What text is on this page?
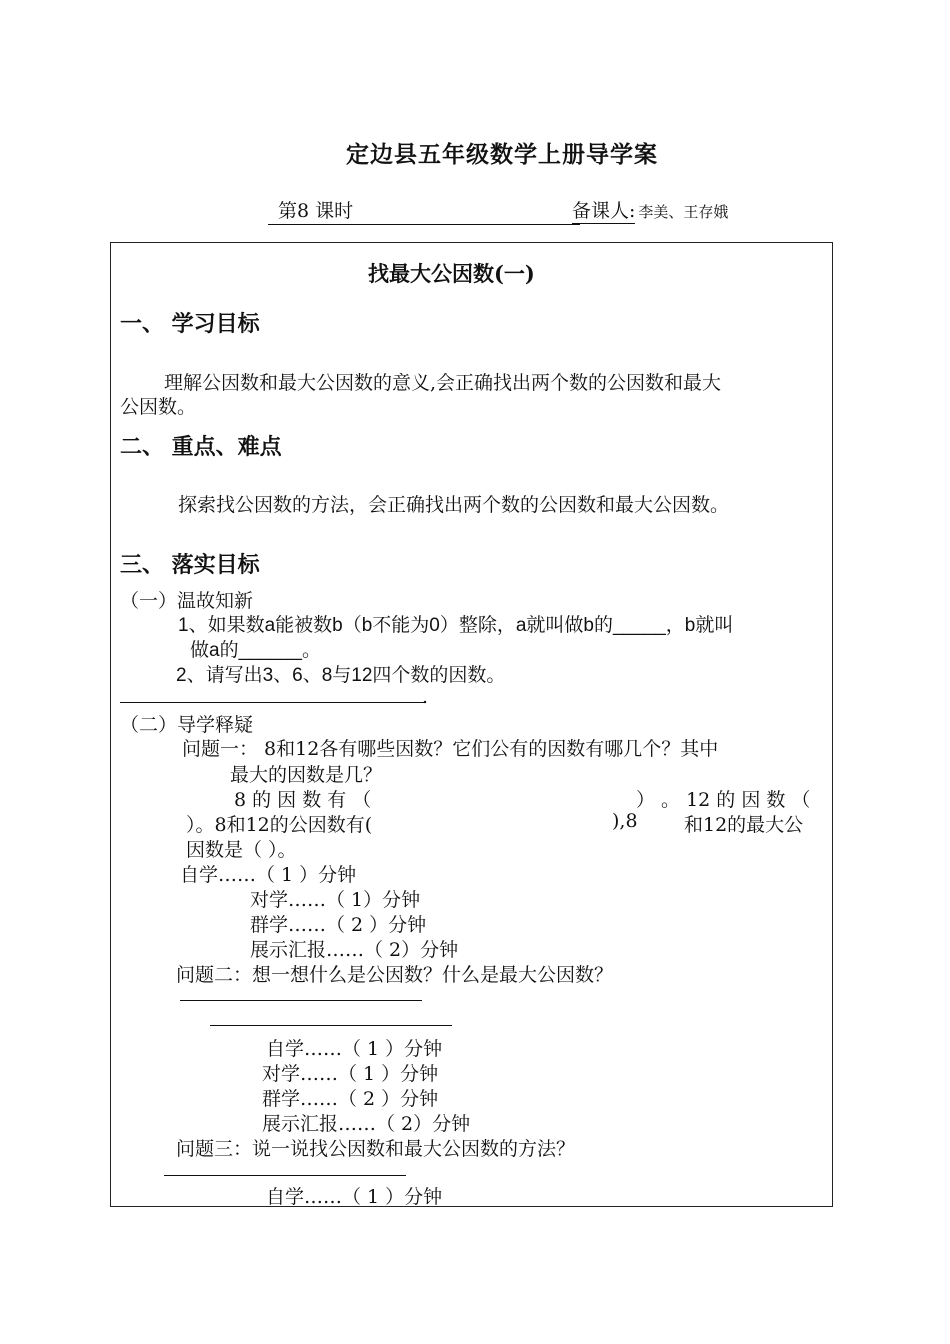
定边县五年级数学上册导学案
第8 课时	备课人: 李美、王存娥
找最大公因数(一)
一、 学习目标
理解公因数和最大公因数的意义,会正确找出两个数的公因数和最大
公因数。
二、 重点、难点
探索找公因数的方法，会正确找出两个数的公因数和最大公因数。
三、 落实目标
（一）温故知新
1、如果数a能被数b（b不能为0）整除，a就叫做b的_____，b就叫
做a的______。
2、请写出3、6、8与12四个数的因数。
.
（二）导学释疑
问题一： 8和12各有哪些因数？它们公有的因数有哪几个？其中
最大的因数是几？
8 的 因 数 有 （	） 。 12 的 因 数 （
）。8和12的公因数有(	),8 和12的最大公
因数是（ ）。
自学……（ 1 ）分钟
对学……（ 1）分钟
群学……（ 2 ）分钟
展示汇报……（ 2）分钟
问题二：想一想什么是公因数？什么是最大公因数？
自学……（ 1 ）分钟
对学……（ 1 ）分钟
群学……（ 2 ）分钟
展示汇报……（ 2）分钟
问题三：说一说找公因数和最大公因数的方法？
自学……（ 1 ）分钟
